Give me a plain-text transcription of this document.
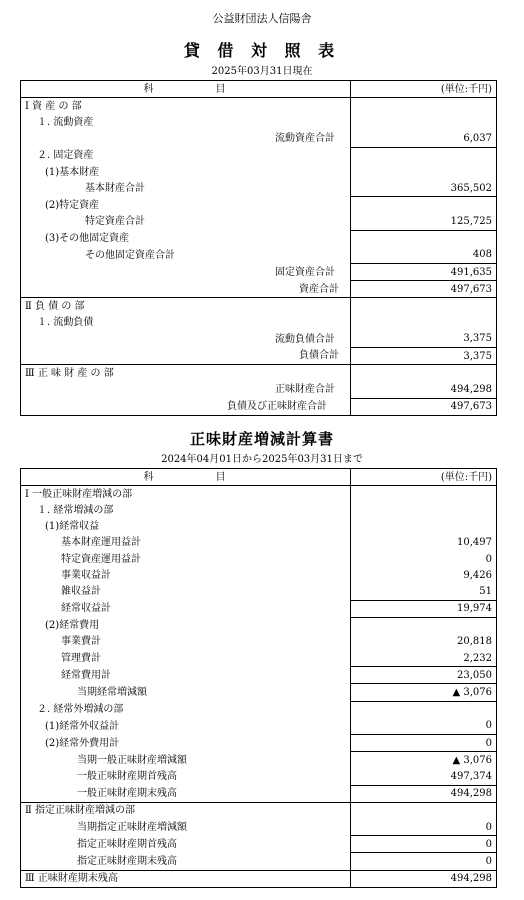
公益財団法人信陽舎
貸 借 対 照 表
2025年03月31日現在
科　　　　　目	(単位:千円)
Ⅰ 資 産 の 部	
１. 流動資産	
流動資産合計	6,037
２. 固定資産	
(1)基本財産	
基本財産合計	365,502
(2)特定資産	
特定資産合計	125,725
(3)その他固定資産	
その他固定資産合計	408
固定資産合計	491,635
資産合計	497,673
Ⅱ 負 債 の 部	
１. 流動負債	
流動負債合計	3,375
負債合計	3,375
Ⅲ 正 味 財 産 の 部	
正味財産合計	494,298
負債及び正味財産合計	497,673
正味財産増減計算書
2024年04月01日から2025年03月31日まで
科　　　　　目	(単位:千円)
Ⅰ 一般正味財産増減の部	
１. 経常増減の部	
(1)経常収益	
基本財産運用益計	10,497
特定資産運用益計	0
事業収益計	9,426
雑収益計	51
経常収益計	19,974
(2)経常費用	
事業費計	20,818
管理費計	2,232
経常費用計	23,050
当期経常増減額	▲ 3,076
２. 経常外増減の部	
(1)経常外収益計	0
(2)経常外費用計	0
当期一般正味財産増減額	▲ 3,076
一般正味財産期首残高	497,374
一般正味財産期末残高	494,298
Ⅱ 指定正味財産増減の部	
当期指定正味財産増減額	0
指定正味財産期首残高	0
指定正味財産期末残高	0
Ⅲ 正味財産期末残高	494,298
